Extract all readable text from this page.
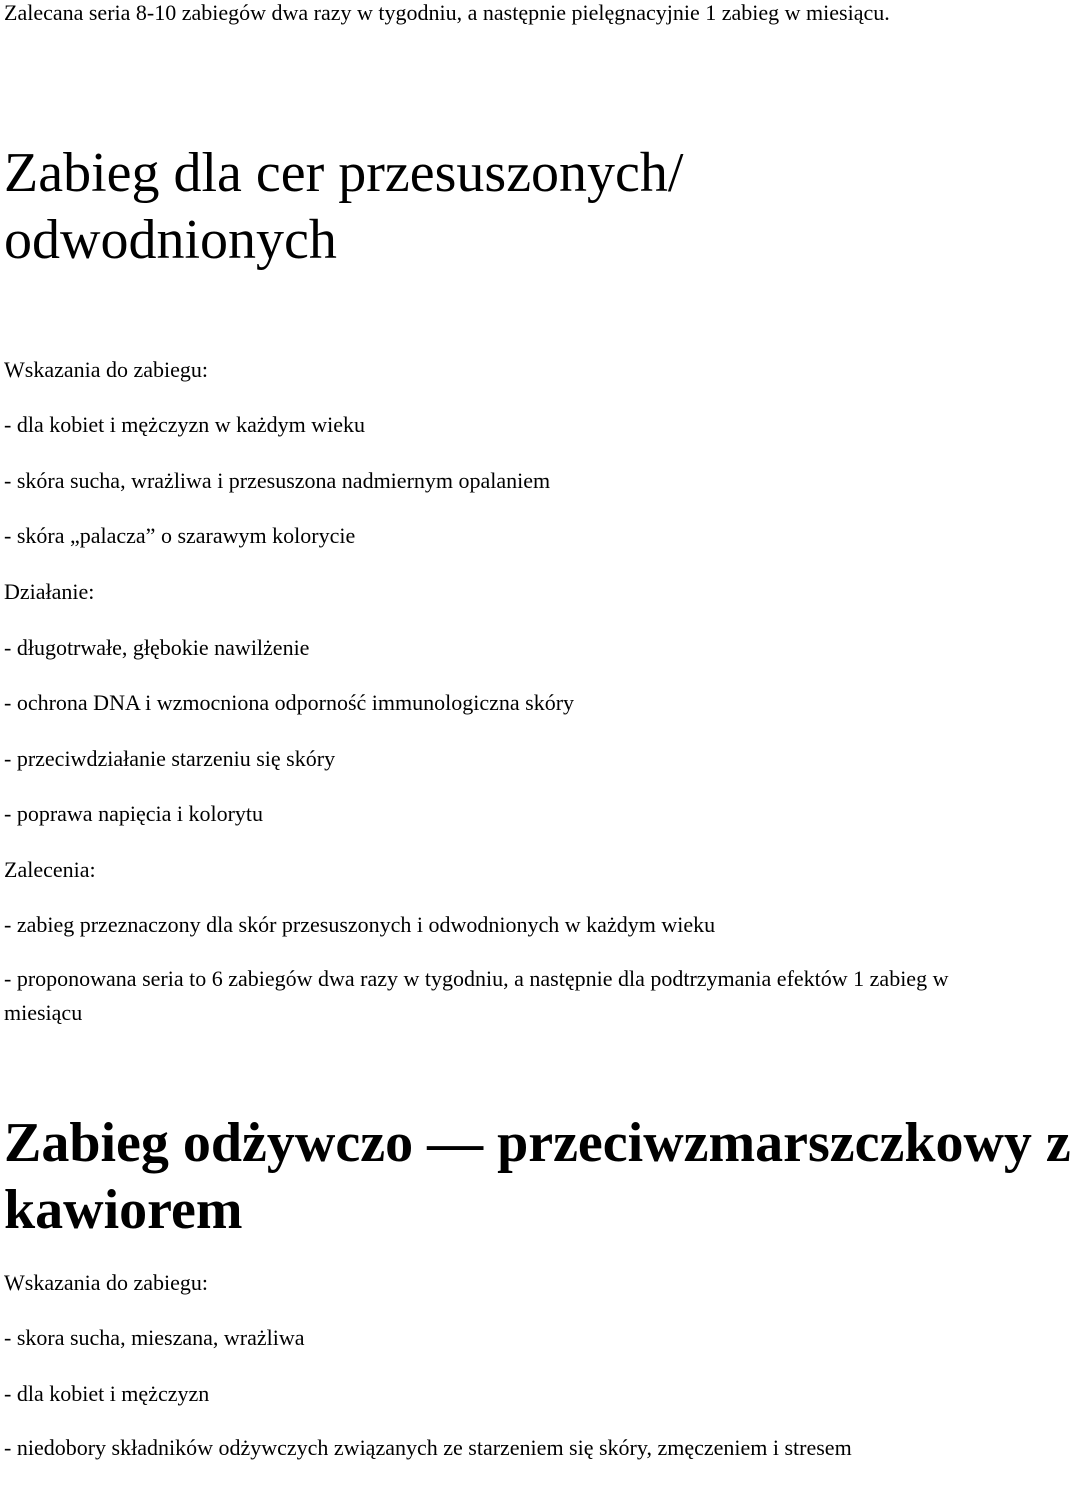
Zalecana seria 8-10 zabiegów dwa razy w tygodniu, a następnie pielęgnacyjnie 1 zabieg w miesiącu.

Zabieg dla cer przesuszonych/
odwodnionych
Wskazania do zabiegu:
- dla kobiet i mężczyzn w każdym wieku
- skóra sucha, wrażliwa i przesuszona nadmiernym opalaniem
- skóra „palacza” o szarawym kolorycie
Działanie:
- długotrwałe, głębokie nawilżenie
- ochrona DNA i wzmocniona odporność immunologiczna skóry
- przeciwdziałanie starzeniu się skóry
- poprawa napięcia i kolorytu
Zalecenia:
- zabieg przeznaczony dla skór przesuszonych i odwodnionych w każdym wieku
- proponowana seria to 6 zabiegów dwa razy w tygodniu, a następnie dla podtrzymania efektów 1 zabieg w miesiącu
Zabieg odżywczo — przeciwzmarszczkowy z
kawiorem
Wskazania do zabiegu:
- skora sucha, mieszana, wrażliwa
- dla kobiet i mężczyzn
- niedobory składników odżywczych związanych ze starzeniem się skóry, zmęczeniem i stresem
